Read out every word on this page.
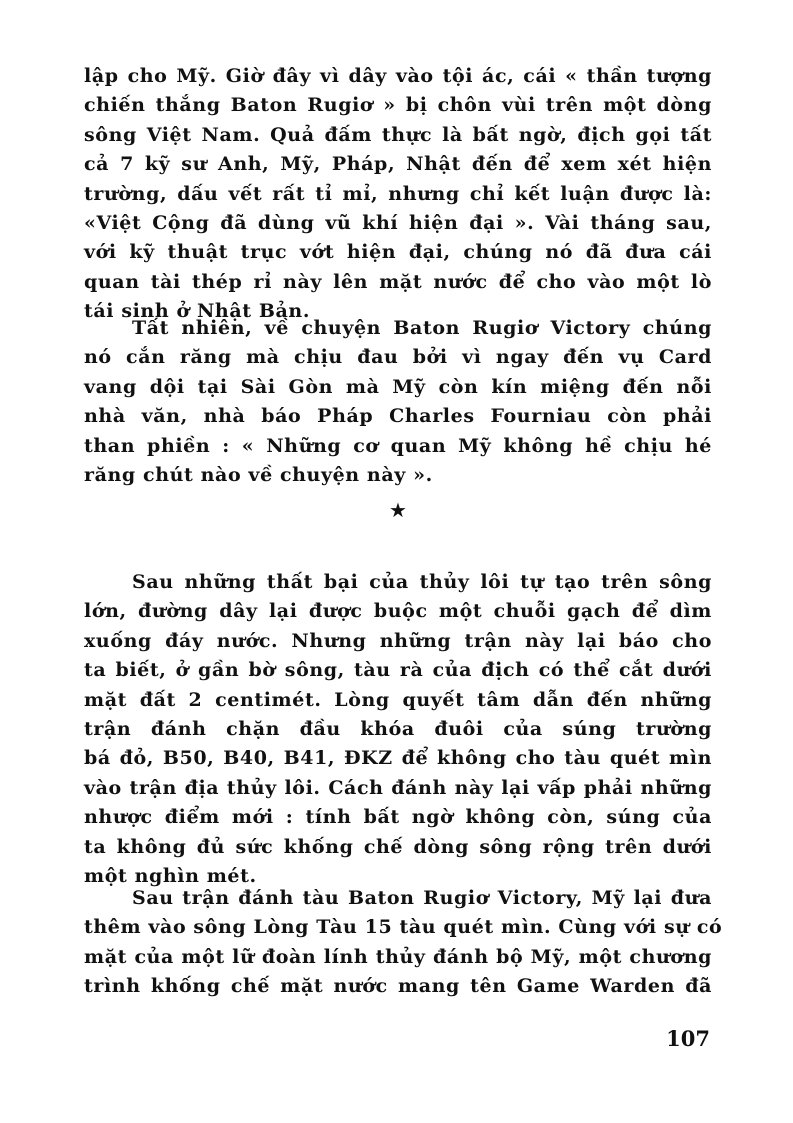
lập cho Mỹ. Giờ đây vì dây vào tội ác, cái « thần tượng
chiến thắng Baton Rugiơ » bị chôn vùi trên một dòng
sông Việt Nam. Quả đấm thực là bất ngờ, địch gọi tất
cả 7 kỹ sư Anh, Mỹ, Pháp, Nhật đến để xem xét hiện
trường, dấu vết rất tỉ mỉ, nhưng chỉ kết luận được là:
«Việt Cộng đã dùng vũ khí hiện đại ». Vài tháng sau,
với kỹ thuật trục vớt hiện đại, chúng nó đã đưa cái
quan tài thép rỉ này lên mặt nước để cho vào một lò
tái sinh ở Nhật Bản.

Tất nhiên, về chuyện Baton Rugiơ Victory chúng
nó cắn răng mà chịu đau bởi vì ngay đến vụ Card
vang dội tại Sài Gòn mà Mỹ còn kín miệng đến nỗi
nhà văn, nhà báo Pháp Charles Fourniau còn phải
than phiền : « Những cơ quan Mỹ không hề chịu hé
răng chút nào về chuyện này ».

★

Sau những thất bại của thủy lôi tự tạo trên sông
lớn, đường dây lại được buộc một chuỗi gạch để dìm
xuống đáy nước. Nhưng những trận này lại báo cho
ta biết, ở gần bờ sông, tàu rà của địch có thể cắt dưới
mặt đất 2 centimét. Lòng quyết tâm dẫn đến những
trận đánh chặn đầu khóa đuôi của súng trường
bá đỏ, B50, B40, B41, ĐKZ để không cho tàu quét mìn
vào trận địa thủy lôi. Cách đánh này lại vấp phải những
nhược điểm mới : tính bất ngờ không còn, súng của
ta không đủ sức khống chế dòng sông rộng trên dưới
một nghìn mét.

Sau trận đánh tàu Baton Rugiơ Victory, Mỹ lại đưa
thêm vào sông Lòng Tàu 15 tàu quét mìn. Cùng với sự có
mặt của một lữ đoàn lính thủy đánh bộ Mỹ, một chương
trình khống chế mặt nước mang tên Game Warden đã

107
